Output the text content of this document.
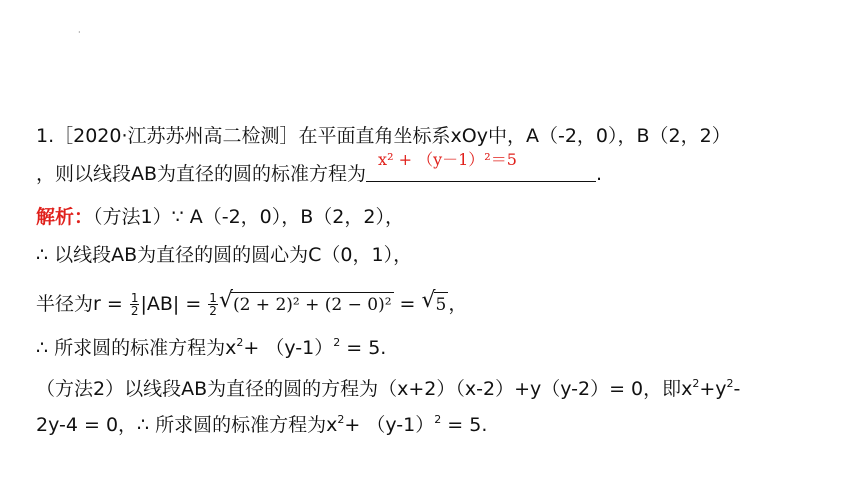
·
1.［2020·江苏苏州高二检测］在平面直角坐标系xOy中，A（-2，0），B（2，2）
，则以线段AB为直径的圆的标准方程为
x² + （y－1）²＝5
.
解析：（方法1）∵ A（-2，0），B（2，2），
∴ 以线段AB为直径的圆的圆心为C（0，1），
半径为$r = \frac{1}{2} |AB| = \frac{1}{2}$ √ (2 + 2)² + (2 − 0)² = √ 5 ，
∴ 所求圆的标准方程为$x^2+ (y-1)^2 = 5$.
（方法2）以线段AB为直径的圆的方程为（x+2）（x-2）+y（y-2）= 0，即$x^2+y^2-$
2y-4 = 0，∴ 所求圆的标准方程为$x^2+ (y-1)^2 = 5$.
